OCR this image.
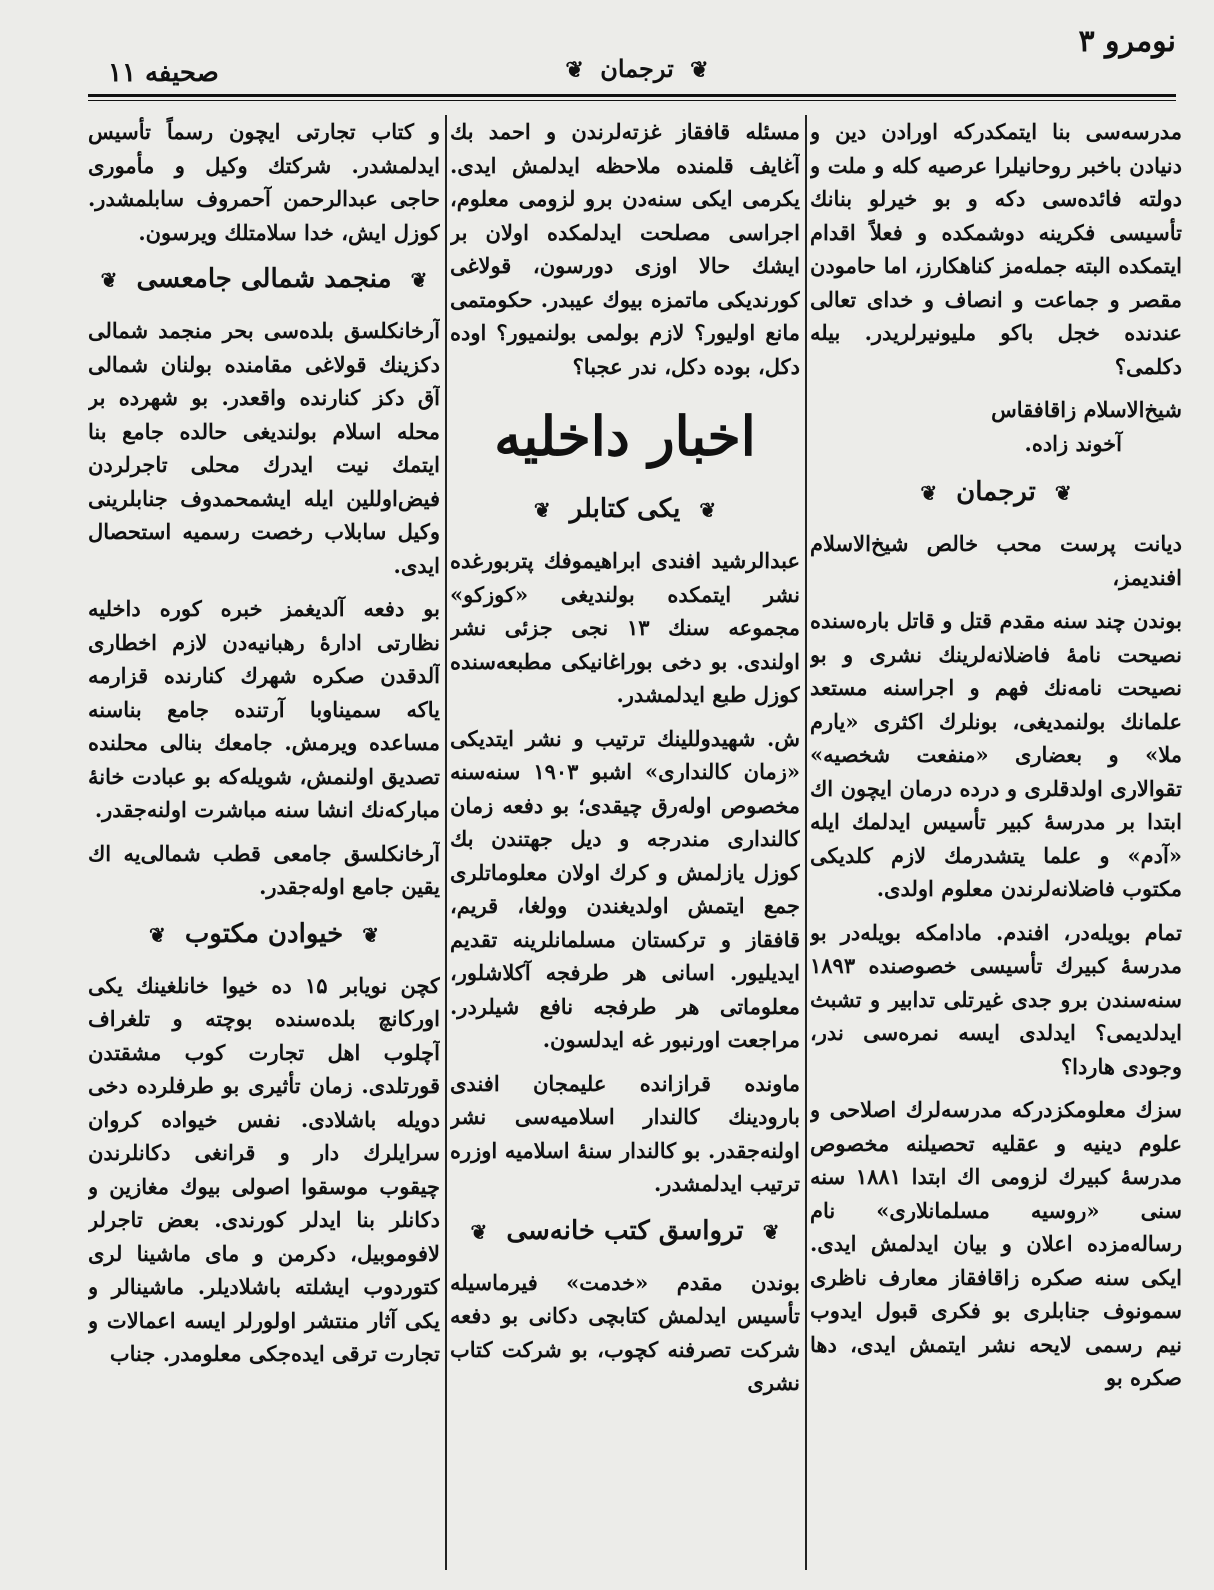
نومرو ۳
❦ ترجمان ❦
صحیفه ۱۱

مدرسه‌سی بنا ایتمکدرکه اورادن دین و دنیادن باخبر روحانیلرا عرصیه کله و ملت و دولته فائده‌سی دکه و بو خیرلو بنانك تأسیسی فکرینه دوشمکده و فعلاً اقدام ایتمکده البته جمله‌مز کناهکارز، اما حامودن مقصر و جماعت و انصاف و خدای تعالی عندنده خجل باکو ملیونیرلریدر. بیله دکلمی؟

شیخ‌الاسلام زاقافقاس
آخوند زاده.
❦ ترجمان ❦

دیانت پرست محب خالص شیخ‌الاسلام افندیمز،

بوندن چند سنه مقدم قتل و قاتل بارەسنده نصیحت نامهٔ فاضلانه‌لرینك نشری و بو نصیحت نامه‌نك فهم و اجراسنه مستعد علمانك بولنمدیغی، بونلرك اکثری «یارم ملا» و بعضاری «منفعت شخصیه» تقوالاری اولدقلری و دردە درمان ایچون اك ابتدا بر مدرسهٔ کبیر تأسیس ایدلمك ایله «آدم» و علما یتشدرمك لازم کلدیکی مکتوب فاضلانه‌لرندن معلوم اولدی.

تمام بویله‌در، افندم. مادامکه بویله‌در بو مدرسهٔ کبیرك تأسیسی خصوصنده ۱۸۹۳ سنه‌سندن برو جدی غیرتلی تدابیر و تشبث ایدلدیمی؟ ایدلدی ایسه نمره‌سی ندر، وجودی هاردا؟

سزك معلومکزدرکه مدرسه‌لرك اصلاحی و علوم دینیه و عقلیه تحصیلنه مخصوص مدرسهٔ کبیرك لزومی اك ابتدا ۱۸۸۱ سنه سنی «روسیه مسلمانلاری» نام رساله‌مزده اعلان و بیان ایدلمش ایدی. ایکی سنه صکره زاقافقاز معارف ناظری سمونوف جنابلری بو فکری قبول ایدوب نیم رسمی لایحه نشر ایتمش ایدی، دها صکره بو

مسئله قافقاز غزته‌لرندن و احمد بك آغایف قلمنده ملاحظه ایدلمش ایدی. یکرمی ایکی سنه‌دن برو لزومی معلوم، اجراسی مصلحت ایدلمکده اولان بر ایشك حالا اوزی دورسون، قولاغی کورندیکی ماتمزه بیوك عیبدر. حکومتمی مانع اولیور؟ لازم بولمی بولنمیور؟ اوده دکل، بوده دکل، ندر عجبا؟

اخبار داخلیه
❦ یکی کتابلر ❦

عبدالرشید افندی ابراهیموفك پتربورغده نشر ایتمکده بولندیغی «کوزکو» مجموعه سنك ۱۳ نجی جزئی نشر اولندی. بو دخی بوراغانیکی مطبعه‌سنده کوزل طبع ایدلمشدر.

ش. شهیدوللینك ترتیب و نشر ایتدیکی «زمان کالنداری» اشبو ۱۹۰۳ سنه‌سنه مخصوص اوله‌رق چیقدی؛ بو دفعه زمان کالنداری مندرجه و دیل جهتندن بك کوزل یازلمش و کرك اولان معلوماتلری جمع ایتمش اولدیغندن وولغا، قریم، قافقاز و ترکستان مسلمانلرینه تقدیم ایدیلیور. اسانی هر طرفجه آکلاشلور، معلوماتی هر طرفجه نافع شیلردر. مراجعت اورنبور غه ایدلسون.

ماونده قرازانده علیمجان افندی بارودینك کالندار اسلامیه‌سی نشر اولنه‌جقدر. بو کالندار سنهٔ اسلامیه اوزره ترتیب ایدلمشدر.

❦ ترواسق کتب خانه‌سی ❦

بوندن مقدم «خدمت» فیرماسیله تأسیس ایدلمش کتابچی دکانی بو دفعه شرکت تصرفنه کچوب، بو شرکت کتاب نشری

و کتاب تجارتی ایچون رسماً تأسیس ایدلمشدر. شرکتك وکیل و مأموری حاجی عبدالرحمن آحمروف سابلمشدر. کوزل ایش، خدا سلامتلك ویرسون.

❦ منجمد شمالی جامعسی ❦

آرخانکلسق بلده‌سی بحر منجمد شمالی دکزینك قولاغی مقامنده بولنان شمالی آق دکز کنارنده واقعدر. بو شهرده بر محله اسلام بولندیغی حالده جامع بنا ایتمك نیت ایدرك محلی تاجرلردن فیض‌اوللین ایله ایشمحمدوف جنابلرینی وکیل سابلاب رخصت رسمیه استحصال ایدی.

بو دفعه آلدیغمز خبره کوره داخلیه نظارتی ادارهٔ رهبانیه‌دن لازم اخطاری آلدقدن صکره شهرك کنارنده قزارمه یاکه سمیناوبا آرتنده جامع بناسنه مساعده ویرمش. جامعك بنالی محلنده تصدیق اولنمش، شویله‌که بو عبادت خانهٔ مبارکه‌نك انشا سنه مباشرت اولنه‌جقدر.

آرخانکلسق جامعی قطب شمالی‌یه اك یقین جامع اوله‌جقدر.

❦ خیوادن مکتوب ❦

کچن نویابر ۱۵ ده خیوا خانلغینك یکی اورکانچ بلده‌سنده بوچته و تلغراف آچلوب اهل تجارت کوب مشقتدن قورتلدی. زمان تأثیری بو طرفلرده دخی دویله باشلادی. نفس خیواده کروان سرایلرك دار و قرانغی دکانلرندن چیقوب موسقوا اصولی بیوك مغازین و دکانلر بنا ایدلر کورندی. بعض تاجرلر لافوموبیل، دکرمن و مای ماشینا لری کتوردوب ایشلته باشلادیلر. ماشینالر و یکی آثار منتشر اولورلر ایسه اعمالات و تجارت ترقی ایده‌جکی معلومدر. جناب
